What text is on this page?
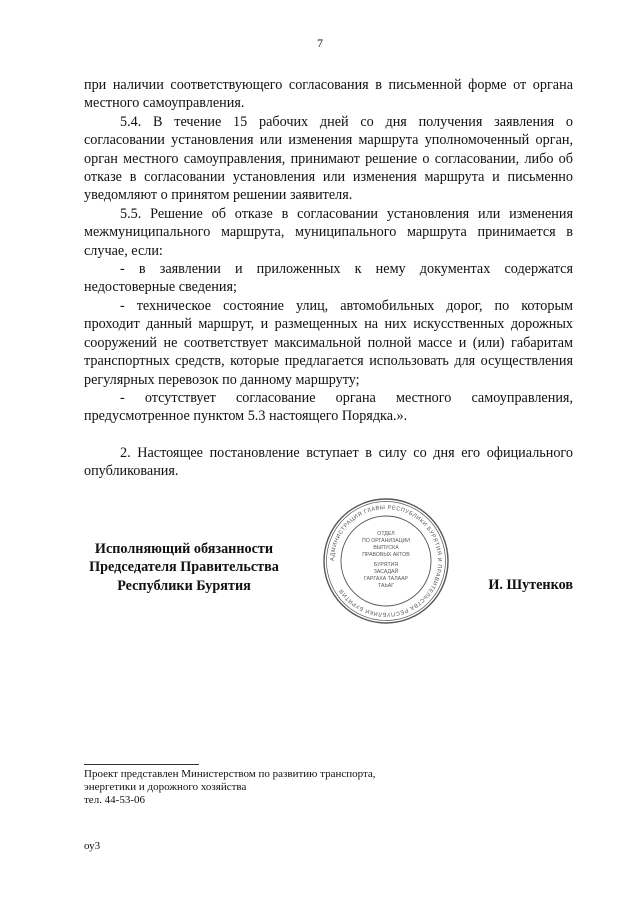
7

при наличии соответствующего согласования в письменной форме от органа местного самоуправления.

5.4. В течение 15 рабочих дней со дня получения заявления о согласовании установления или изменения маршрута уполномоченный орган, орган местного самоуправления, принимают решение о согласовании, либо об отказе в согласовании установления или изменения маршрута и письменно уведомляют о принятом решении заявителя.

5.5. Решение об отказе в согласовании установления или изменения межмуниципального маршрута, муниципального маршрута принимается в случае, если:

- в заявлении и приложенных к нему документах содержатся недостоверные сведения;

- техническое состояние улиц, автомобильных дорог, по которым проходит данный маршрут, и размещенных на них искусственных дорожных сооружений не соответствует максимальной полной массе и (или) габаритам транспортных средств, которые предлагается использовать для осуществления регулярных перевозок по данному маршруту;

- отсутствует согласование органа местного самоуправления, предусмотренное пунктом 5.3 настоящего Порядка.».

2. Настоящее постановление вступает в силу со дня его официального опубликования.

Исполняющий обязанности
Председателя Правительства
Республики Бурятия
АДМИНИСТРАЦИЯ ГЛАВЫ РЕСПУБЛИКИ БУРЯТИЯ И ПРАВИТЕЛЬСТВА РЕСПУБЛИКИ БУРЯТИЯ
ОТДЕЛ
ПО ОРГАНИЗАЦИИ
ВЫПУСКА
ПРАВОВЫХ АКТОВ
БУРЯТИЯ
ЗАСАДАЙ
ГАРГАХА ТАЛААР
ТАЬАГ	И. Шутенков
Проект представлен Министерством по развитию транспорта,
энергетики и дорожного хозяйства
тел. 44-53-06
оу3
